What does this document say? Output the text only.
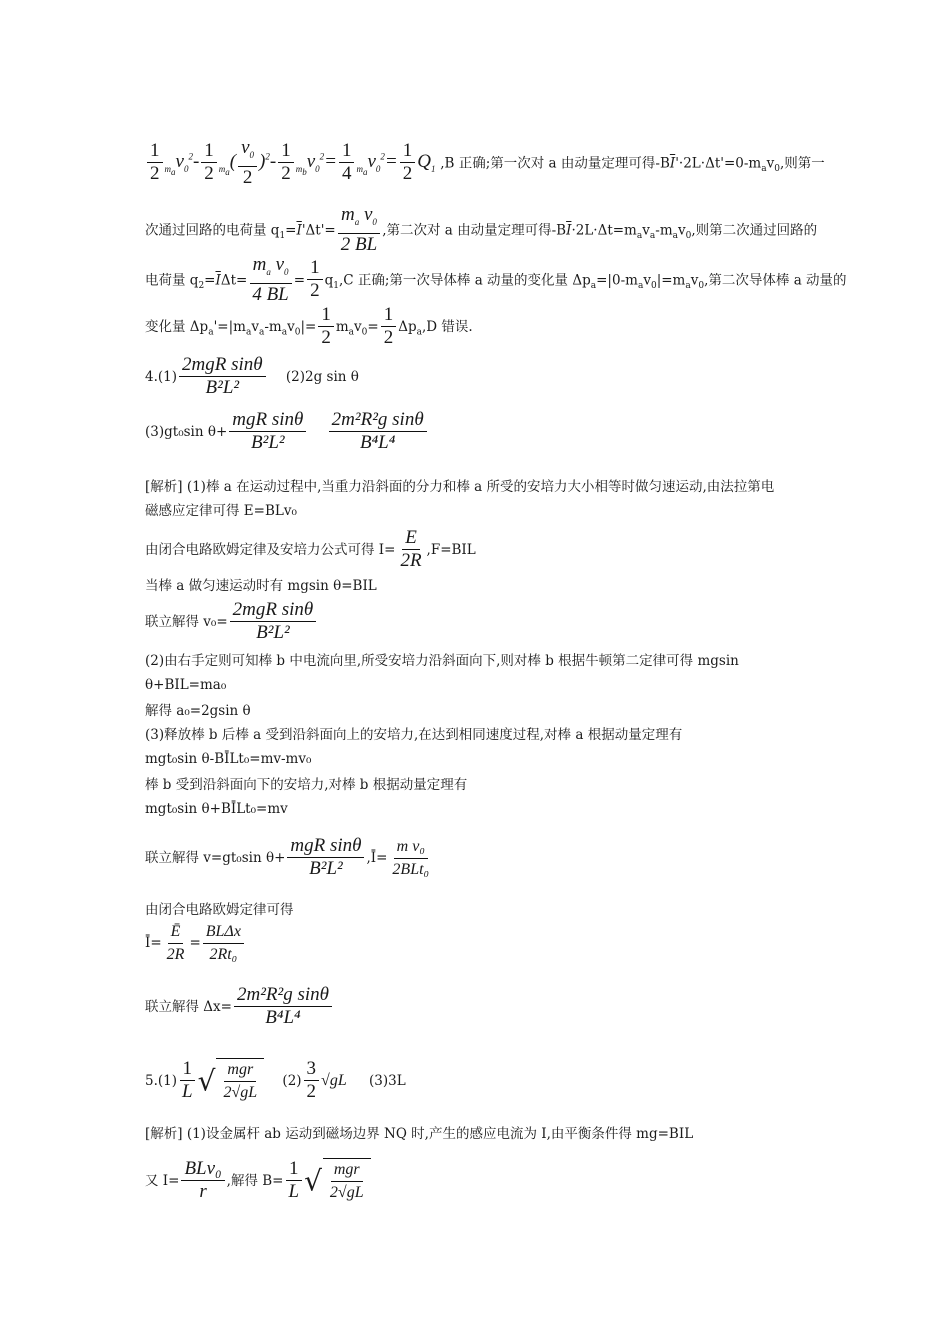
$\frac{1}{2} _{m_a}v_0^2- \frac{1}{2} _{m_a}( \frac{v_0}{2} )^2- \frac{1}{2} _{m_b}v_0^2= \frac{1}{4} _{m_a}v_0^2= \frac{1}{2} Q_1$ ,B 正确;第一次对 a 由动量定理可得$-B\overline{I}'\cdot 2L\cdot\Delta t'=0-m_av_0$,则第一
次通过回路的电荷量 $q_1=\overline{I}'\Delta t'= \frac{m_a v_0}{2 BL}$ ,第二次对 a 由动量定理可得$-B\overline{I}\cdot 2L\cdot\Delta t=m_av_a-m_av_0$,则第二次通过回路的
电荷量 $q_2=\overline{I}\Delta t= \frac{m_a v_0}{4 BL} = \frac{1}{2} q_1,C$ 正确;第一次导体棒 a 动量的变化量 $\Delta p_a=|0-m_av_0|=m_av_0$,第二次导体棒 a 动量的
变化量 $\Delta p_a'=|m_av_a-m_av_0|= \frac{1}{2} m_av_0= \frac{1}{2} \Delta p_a,D$ 错误.
$4.(1) \frac{\text{2mgR sinθ}}{\text{B²L²}} (2)2g$ sin θ
(3)gt₀sin $\theta+ \frac{\text{mgR sinθ}}{\text{B²L²}}$
$\frac{\text{2m²R²g sinθ}}{\text{B⁴L⁴}}$
[解析] (1)棒 a 在运动过程中,当重力沿斜面的分力和棒 a 所受的安培力大小相等时做匀速运动,由法拉第电
磁感应定律可得 E=BLv₀
由闭合电路欧姆定律及安培力公式可得 $I= \frac{E}{2R} ,F=BIL$
当棒 a 做匀速运动时有 mgsin θ=BIL
联立解得 $v_0= \frac{\text{2mgR sinθ}}{\text{B²L²}}$
(2)由右手定则可知棒 b 中电流向里,所受安培力沿斜面向下,则对棒 b 根据牛顿第二定律可得 mgsin
θ+BIL=ma₀
解得 a₀=2gsin θ
(3)释放棒 b 后棒 a 受到沿斜面向上的安培力,在达到相同速度过程,对棒 a 根据动量定理有
mgt₀sin θ-BĪLt₀=mv-mv₀
棒 b 受到沿斜面向下的安培力,对棒 b 根据动量定理有
mgt₀sin θ+BĪLt₀=mv
联立解得 v=gt₀sin $\theta+ \frac{\text{mgR sinθ}}{\text{B²L²}}$ ,Ī= $\frac{\text{m v₀}}{\text{2BLt₀}}$
由闭合电路欧姆定律可得
Ī= $\frac{Ē}{2R} = \frac{\text{BLΔx}}{\text{2Rt₀}}$
联立解得 $\Delta x= \frac{\text{2m²R²g sinθ}}{\text{B⁴L⁴}}$
$5.(1) \frac{1}{L}$ √ $\frac{\text{mgr}}{2√gL} (2) \frac{3}{2} √gL$ (3)3L
[解析] (1)设金属杆 ab 运动到磁场边界 NQ 时,产生的感应电流为 I,由平衡条件得 mg=BIL
又 $I= \frac{\text{BLv₀}}{r}$ ,解得 $B= \frac{1}{L}$ √ $\frac{\text{mgr}}{2√gL}$
